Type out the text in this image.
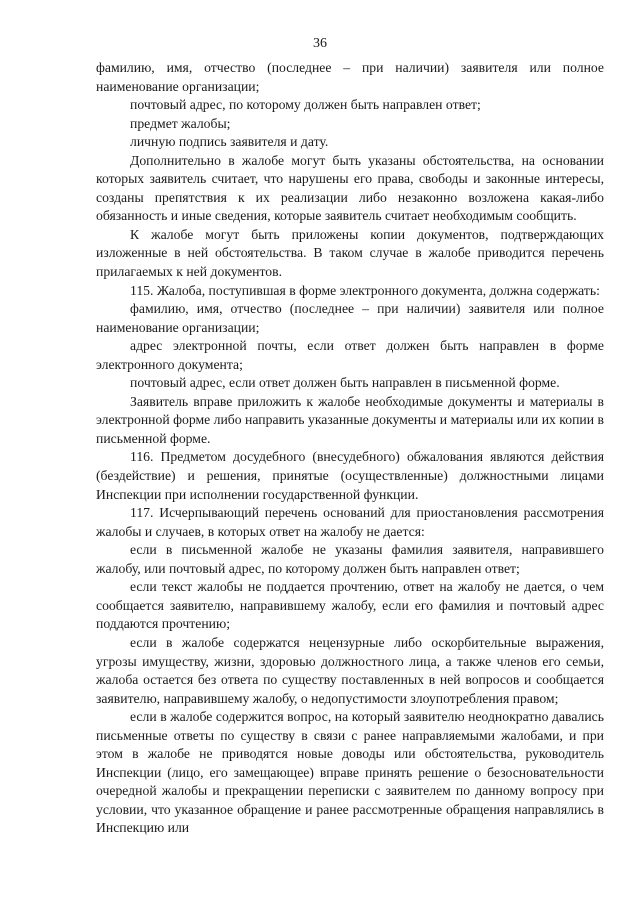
36

фамилию, имя, отчество (последнее – при наличии) заявителя или полное наименование организации;

почтовый адрес, по которому должен быть направлен ответ;

предмет жалобы;

личную подпись заявителя и дату.

Дополнительно в жалобе могут быть указаны обстоятельства, на основании которых заявитель считает, что нарушены его права, свободы и законные интересы, созданы препятствия к их реализации либо незаконно возложена какая-либо обязанность и иные сведения, которые заявитель считает необходимым сообщить.

К жалобе могут быть приложены копии документов, подтверждающих изложенные в ней обстоятельства. В таком случае в жалобе приводится перечень прилагаемых к ней документов.

115. Жалоба, поступившая в форме электронного документа, должна содержать:

фамилию, имя, отчество (последнее – при наличии) заявителя или полное наименование организации;

адрес электронной почты, если ответ должен быть направлен в форме электронного документа;

почтовый адрес, если ответ должен быть направлен в письменной форме.

Заявитель вправе приложить к жалобе необходимые документы и материалы в электронной форме либо направить указанные документы и материалы или их копии в письменной форме.

116. Предметом досудебного (внесудебного) обжалования являются действия (бездействие) и решения, принятые (осуществленные) должностными лицами Инспекции при исполнении государственной функции.

117. Исчерпывающий перечень оснований для приостановления рассмотрения жалобы и случаев, в которых ответ на жалобу не дается:

если в письменной жалобе не указаны фамилия заявителя, направившего жалобу, или почтовый адрес, по которому должен быть направлен ответ;

если текст жалобы не поддается прочтению, ответ на жалобу не дается, о чем сообщается заявителю, направившему жалобу, если его фамилия и почтовый адрес поддаются прочтению;

если в жалобе содержатся нецензурные либо оскорбительные выражения, угрозы имуществу, жизни, здоровью должностного лица, а также членов его семьи, жалоба остается без ответа по существу поставленных в ней вопросов и сообщается заявителю, направившему жалобу, о недопустимости злоупотребления правом;

если в жалобе содержится вопрос, на который заявителю неоднократно давались письменные ответы по существу в связи с ранее направляемыми жалобами, и при этом в жалобе не приводятся новые доводы или обстоятельства, руководитель Инспекции (лицо, его замещающее) вправе принять решение о безосновательности очередной жалобы и прекращении переписки с заявителем по данному вопросу при условии, что указанное обращение и ранее рассмотренные обращения направлялись в Инспекцию или
